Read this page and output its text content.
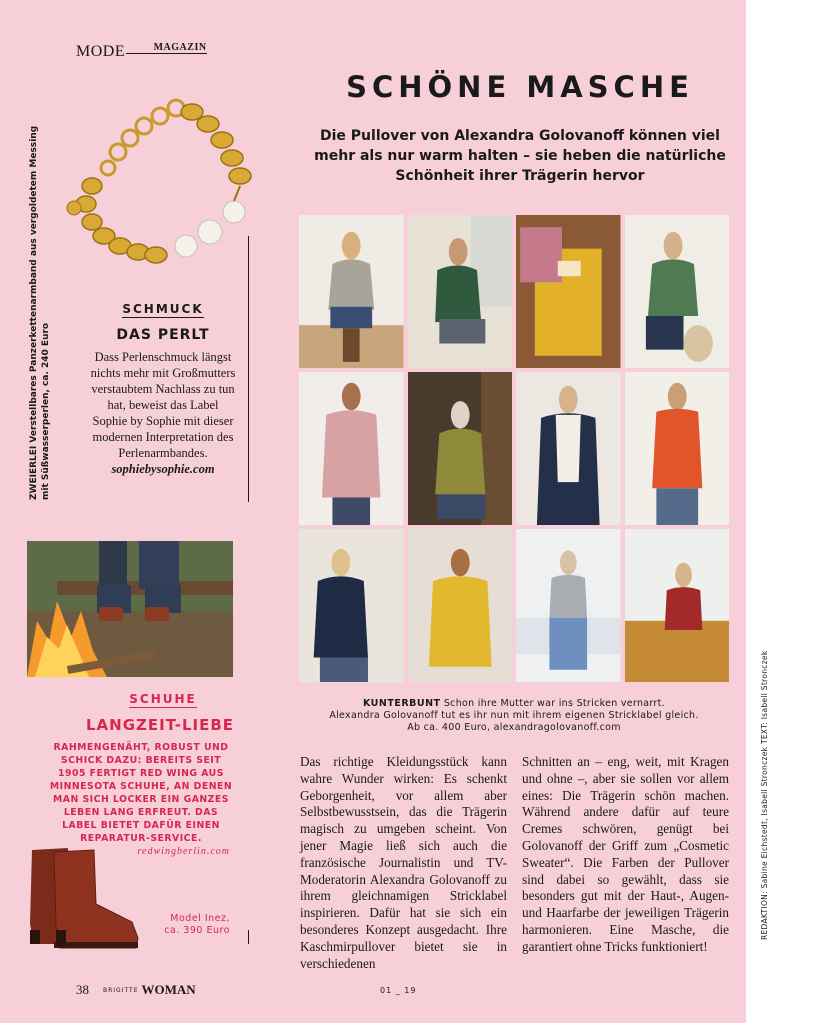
MODE	$^{MAGAZIN}$
SCHÖNE MASCHE

Die Pullover von Alexandra Golovanoff können viel mehr als nur warm halten – sie heben die natürliche Schönheit ihrer Trägerin hervor

ZWEIERLEI Verstellbares Panzerkettenarmband aus vergoldetem Messing mit Süßwasserperlen, ca. 240 Euro
SCHMUCK
DAS PERLT
Dass Perlenschmuck längst nichts mehr mit Großmutters verstaubtem Nachlass zu tun hat, beweist das Label Sophie by Sophie mit dieser modernen Interpretation des Perlenarmbandes. sophiebysophie.com
SCHUHE
LANGZEIT-LIEBE
RAHMENGENÄHT, ROBUST UND SCHICK DAZU: BEREITS SEIT 1905 FERTIGT RED WING AUS MINNESOTA SCHUHE, AN DENEN MAN SICH LOCKER EIN GANZES LEBEN LANG ERFREUT. DAS LABEL BIETET DAFÜR EINEN REPARATUR-SERVICE.
redwingberlin.com
Model Inez,
ca. 390 Euro
KUNTERBUNT Schon ihre Mutter war ins Stricken vernarrt.
Alexandra Golovanoff tut es ihr nun mit ihrem eigenen Stricklabel gleich.
Ab ca. 400 Euro, alexandragolovanoff.com

Das richtige Kleidungsstück kann wahre Wunder wirken: Es schenkt Geborgenheit, vor allem aber Selbstbewusstsein, das die Trägerin magisch zu umgeben scheint. Von jener Magie ließ sich auch die französische Journalistin und TV-Moderatorin Alexandra Golovanoff zu ihrem gleichnamigen Stricklabel inspirieren. Dafür hat sie sich ein besonderes Konzept ausgedacht. Ihre Kaschmirpullover bietet sie in verschiedenen

Schnitten an – eng, weit, mit Kragen und ohne –, aber sie sollen vor allem eines: Die Trägerin schön machen. Während andere dafür auf teure Cremes schwören, genügt bei Golovanoff der Griff zum „Cosmetic Sweater“. Die Farben der Pullover sind dabei so gewählt, dass sie besonders gut mit der Haut-, Augen- und Haarfarbe der jeweiligen Trägerin harmonieren. Eine Masche, die garantiert ohne Tricks funktioniert!

38 BRIGITTE WOMAN	01 _ 19
REDAKTION: Sabine Eichstedt, Isabell Stronczek TEXT: Isabell Stronczek
